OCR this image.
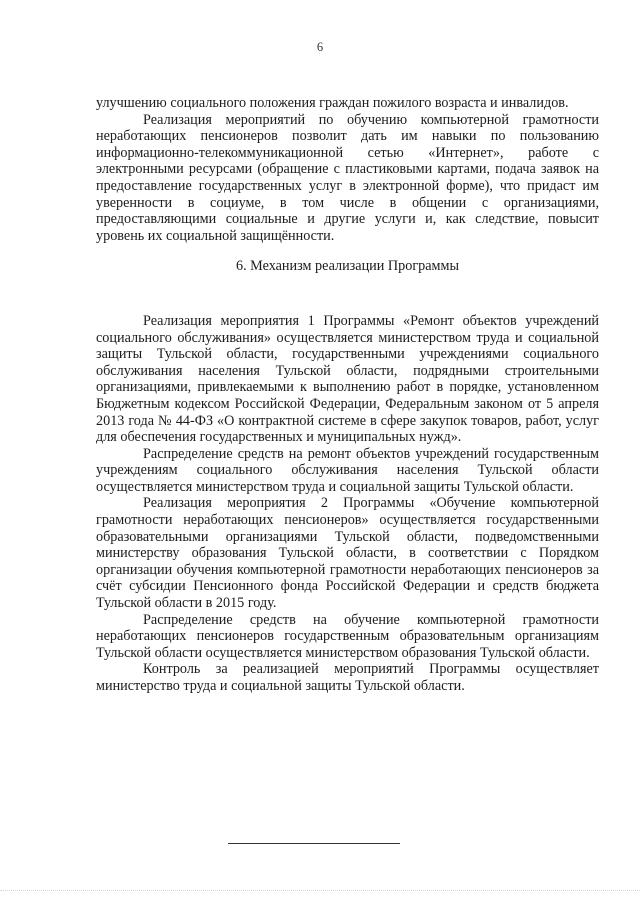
6

улучшению социального положения граждан пожилого возраста и инвалидов.

Реализация мероприятий по обучению компьютерной грамотности неработающих пенсионеров позволит дать им навыки по пользованию информационно-телекоммуникационной сетью «Интернет», работе с электронными ресурсами (обращение с пластиковыми картами, подача заявок на предоставление государственных услуг в электронной форме), что придаст им уверенности в социуме, в том числе в общении с организациями, предоставляющими социальные и другие услуги и, как следствие, повысит уровень их социальной защищённости.

6. Механизм реализации Программы

Реализация мероприятия 1 Программы «Ремонт объектов учреждений социального обслуживания» осуществляется министерством труда и социальной защиты Тульской области, государственными учреждениями социального обслуживания населения Тульской области, подрядными строительными организациями, привлекаемыми к выполнению работ в порядке, установленном Бюджетным кодексом Российской Федерации, Федеральным законом от 5 апреля 2013 года № 44-ФЗ «О контрактной системе в сфере закупок товаров, работ, услуг для обеспечения государственных и муниципальных нужд».

Распределение средств на ремонт объектов учреждений государственным учреждениям социального обслуживания населения Тульской области осуществляется министерством труда и социальной защиты Тульской области.

Реализация мероприятия 2 Программы «Обучение компьютерной грамотности неработающих пенсионеров» осуществляется государственными образовательными организациями Тульской области, подведомственными министерству образования Тульской области, в соответствии с Порядком организации обучения компьютерной грамотности неработающих пенсионеров за счёт субсидии Пенсионного фонда Российской Федерации и средств бюджета Тульской области в 2015 году.

Распределение средств на обучение компьютерной грамотности неработающих пенсионеров государственным образовательным организациям Тульской области осуществляется министерством образования Тульской области.

Контроль за реализацией мероприятий Программы осуществляет министерство труда и социальной защиты Тульской области.
